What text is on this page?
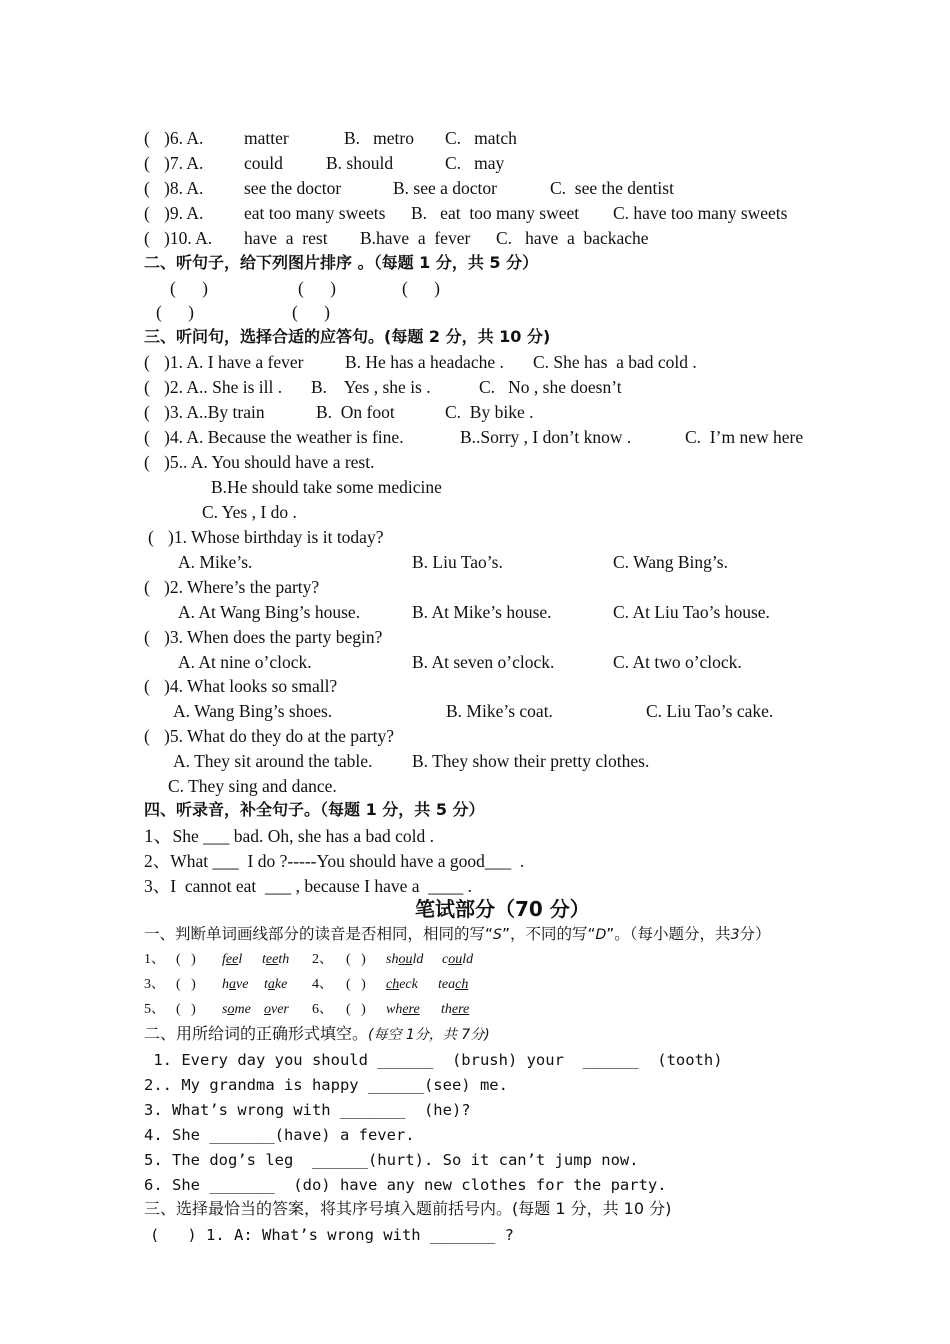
( )6. A. matter	B.   metro C.   match
( )7. A. could B. should	C.   may
( )8. A. see the doctor	B. see a doctor	C.  see the dentist
( )9. A. eat too many sweets B.   eat  too many sweet C. have too many sweets
( )10. A. have  a  rest B.have  a  fever C.   have  a  backache
二、听句子，给下列图片排序 。（每题 1 分，共 5 分）
(      )	(      )	(      )
(      )	(      )
三、听问句，选择合适的应答句。(每题 2 分，共 10 分)
( )1. A. I have a fever B. He has a headache . C. She has  a bad cold .
( )2. A.. She is ill . B.    Yes , she is .	C.   No , she doesn’t
( )3. A..By train	B.  On foot	C.  By bike .
( )4. A. Because the weather is fine.	B..Sorry , I don’t know .	C.  I’m new here
( )5.. A. You should have a rest.
B.He should take some medicine
C. Yes , I do .
( )1. Whose birthday is it today?
A. Mike’s.	B. Liu Tao’s.	C. Wang Bing’s.
( )2. Where’s the party?
A. At Wang Bing’s house.	B. At Mike’s house.	C. At Liu Tao’s house.
( )3. When does the party begin?
A. At nine o’clock.	B. At seven o’clock.	C. At two o’clock.
( )4. What looks so small?
A. Wang Bing’s shoes.	B. Mike’s coat.	C. Liu Tao’s cake.
( )5. What do they do at the party?
A. They sit around the table. B. They show their pretty clothes.
C. They sing and dance.
四、听录音，补全句子。（每题 1 分，共 5 分）
1、She ___ bad. Oh, she has a bad cold .
2、What ___  I do ?-----You should have a good___  .
3、I  cannot eat  ___ , because I have a  ____ .
笔试部分（70 分）
一、判断单词画线部分的读音是否相同，相同的写“S”，不同的写“D”。（每小题分，共3分）
1、 (   ) feel teeth 2、 (   ) should could
3、 (   ) have take 4、 (   ) check teach
5、 (   ) some over 6、 (   ) where there
二、用所给词的正确形式填空。(每空 1分，共 7分)
1. Every day you should ______  (brush) your  ______  (tooth)
2.. My grandma is happy ______(see) me.
3. What’s wrong with _______  (he)?
4. She _______(have) a fever.
5. The dog’s leg  ______(hurt). So it can’t jump now.
6. She _______  (do) have any new clothes for the party.
三、选择最恰当的答案，将其序号填入题前括号内。(每题 1 分，共 10 分)
(   ) 1. A: What’s wrong with _______ ?
